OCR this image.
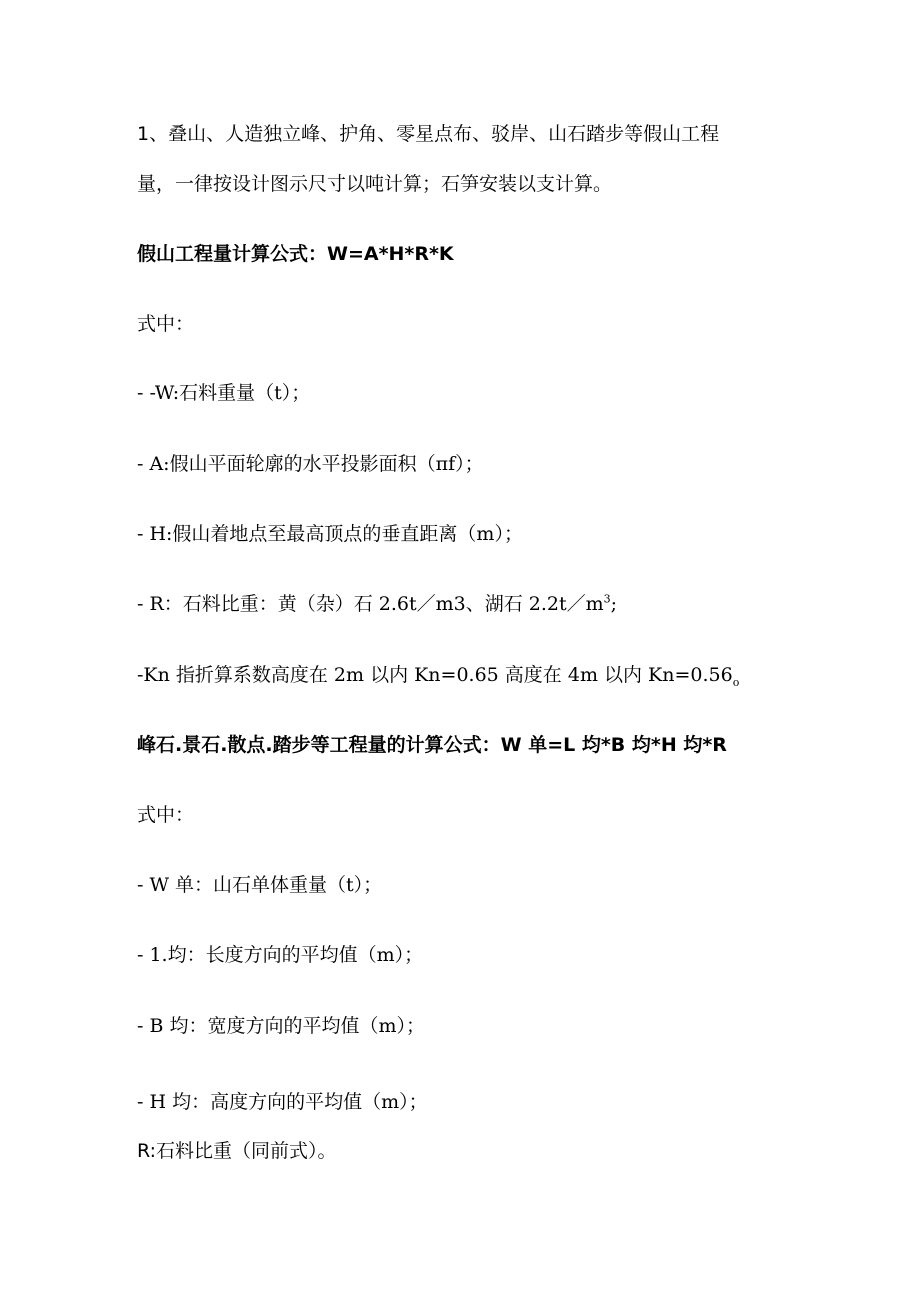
1、叠山、人造独立峰、护角、零星点布、驳岸、山石踏步等假山工程

量，一律按设计图示尺寸以吨计算；石笋安装以支计算。

假山工程量计算公式：W=A*H*R*K

式中：

- -W:石料重量（t）；

- A:假山平面轮廓的水平投影面积（πf）；

- H:假山着地点至最高顶点的垂直距离（m）；

- R：石料比重：黄（杂）石 2.6t／m3、湖石 $2.2t/m^3$;

-Kn 指折算系数高度在 2m 以内 Kn=0.65 高度在 4m 以内 $Kn=0.56_o$

峰石.景石.散点.踏步等工程量的计算公式：W 单=L 均*B 均*H 均*R

式中：

- W 单：山石单体重量（t）；

- 1.均：长度方向的平均值（m）；

- B 均：宽度方向的平均值（m）；

- H 均：高度方向的平均值（m）；

R:石料比重（同前式）。
